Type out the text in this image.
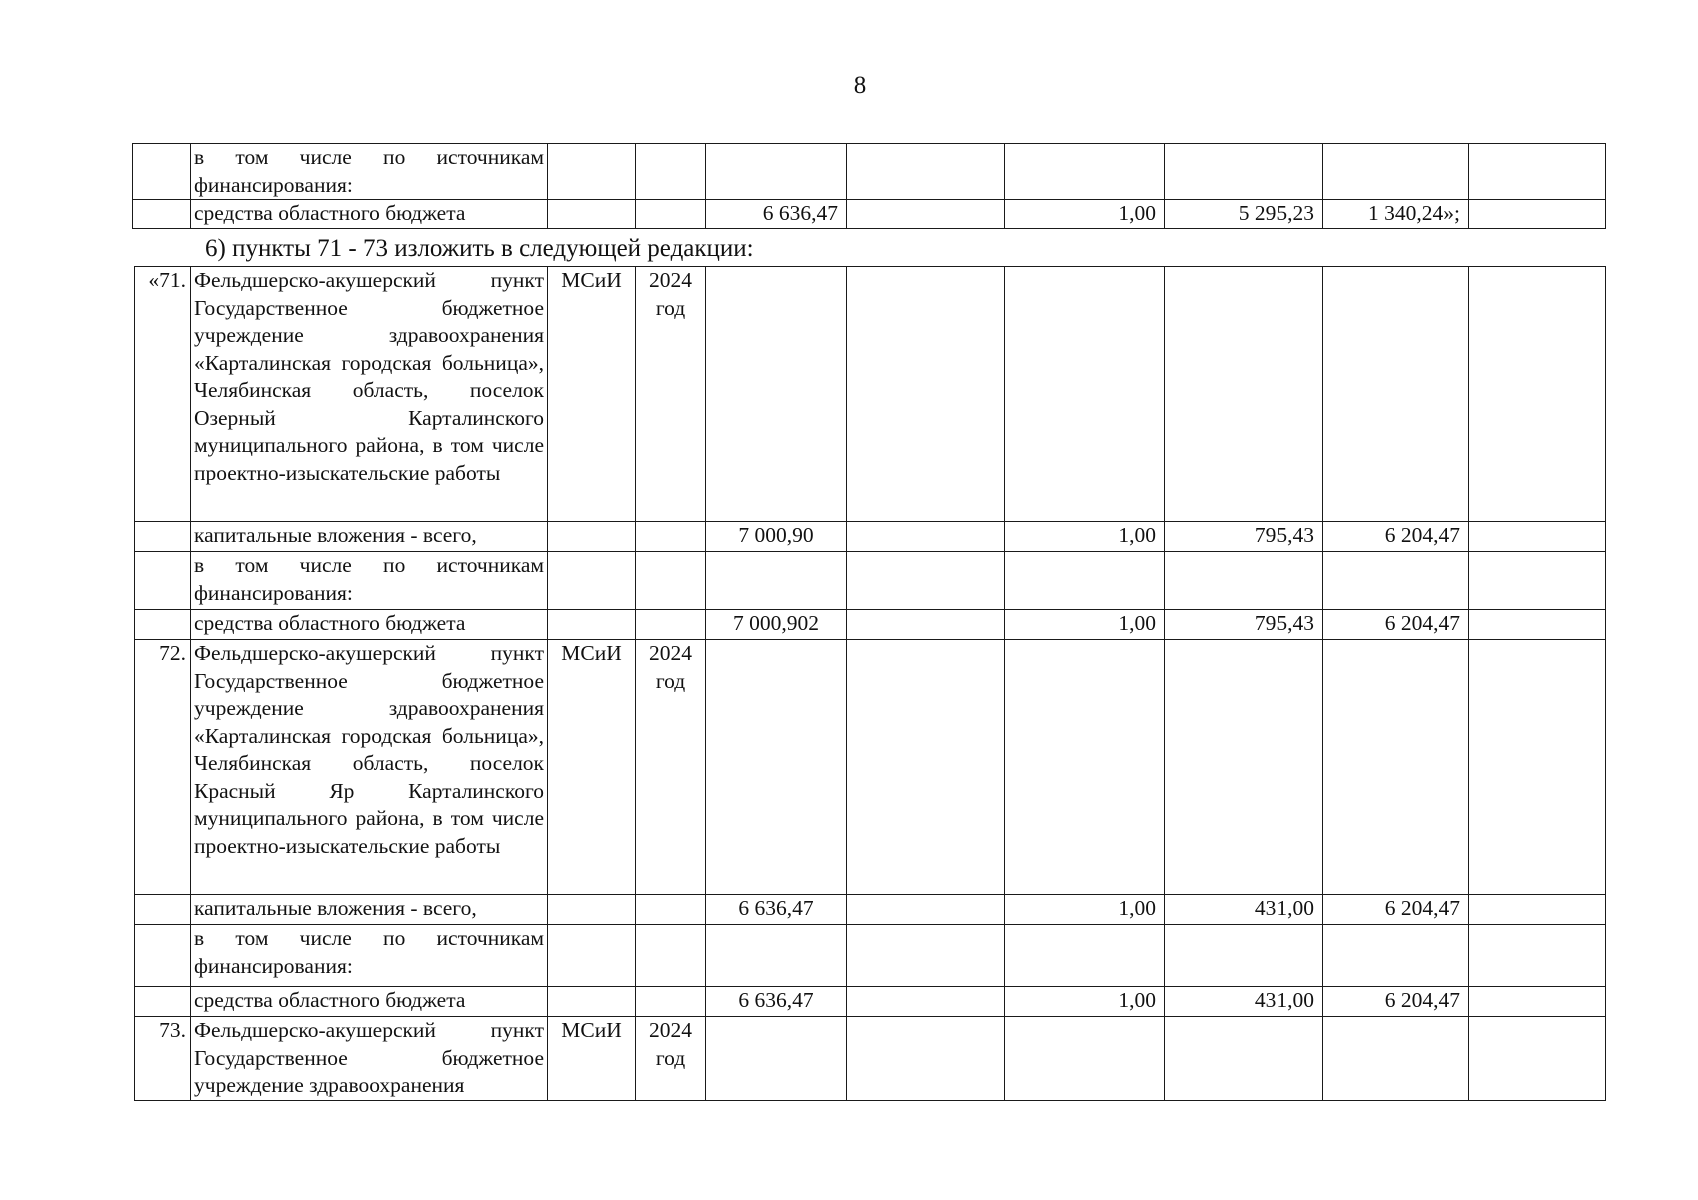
8
	в том числе по источникам финансирования:								
	средства областного бюджета			6 636,47		1,00	5 295,23	1 340,24»;	
6) пункты 71 - 73 изложить в следующей редакции:
«71.	Фельдшерско-акушерский пункт Государственное бюджетное учреждение здравоохранения «Карталинская городская больница», Челябинская область, поселок Озерный Карталинского муниципального района, в том числе проектно-изыскательские работы	МСиИ	2024 год						
	капитальные вложения - всего,			7 000,90		1,00	795,43	6 204,47	
	в том числе по источникам финансирования:								
	средства областного бюджета			7 000,902		1,00	795,43	6 204,47	
72.	Фельдшерско-акушерский пункт Государственное бюджетное учреждение здравоохранения «Карталинская городская больница», Челябинская область, поселок Красный Яр Карталинского муниципального района, в том числе проектно-изыскательские работы	МСиИ	2024 год						
	капитальные вложения - всего,			6 636,47		1,00	431,00	6 204,47	
	в том числе по источникам финансирования:								
	средства областного бюджета			6 636,47		1,00	431,00	6 204,47	
73.	Фельдшерско-акушерский пункт Государственное бюджетное учреждение здравоохранения	МСиИ	2024 год						
